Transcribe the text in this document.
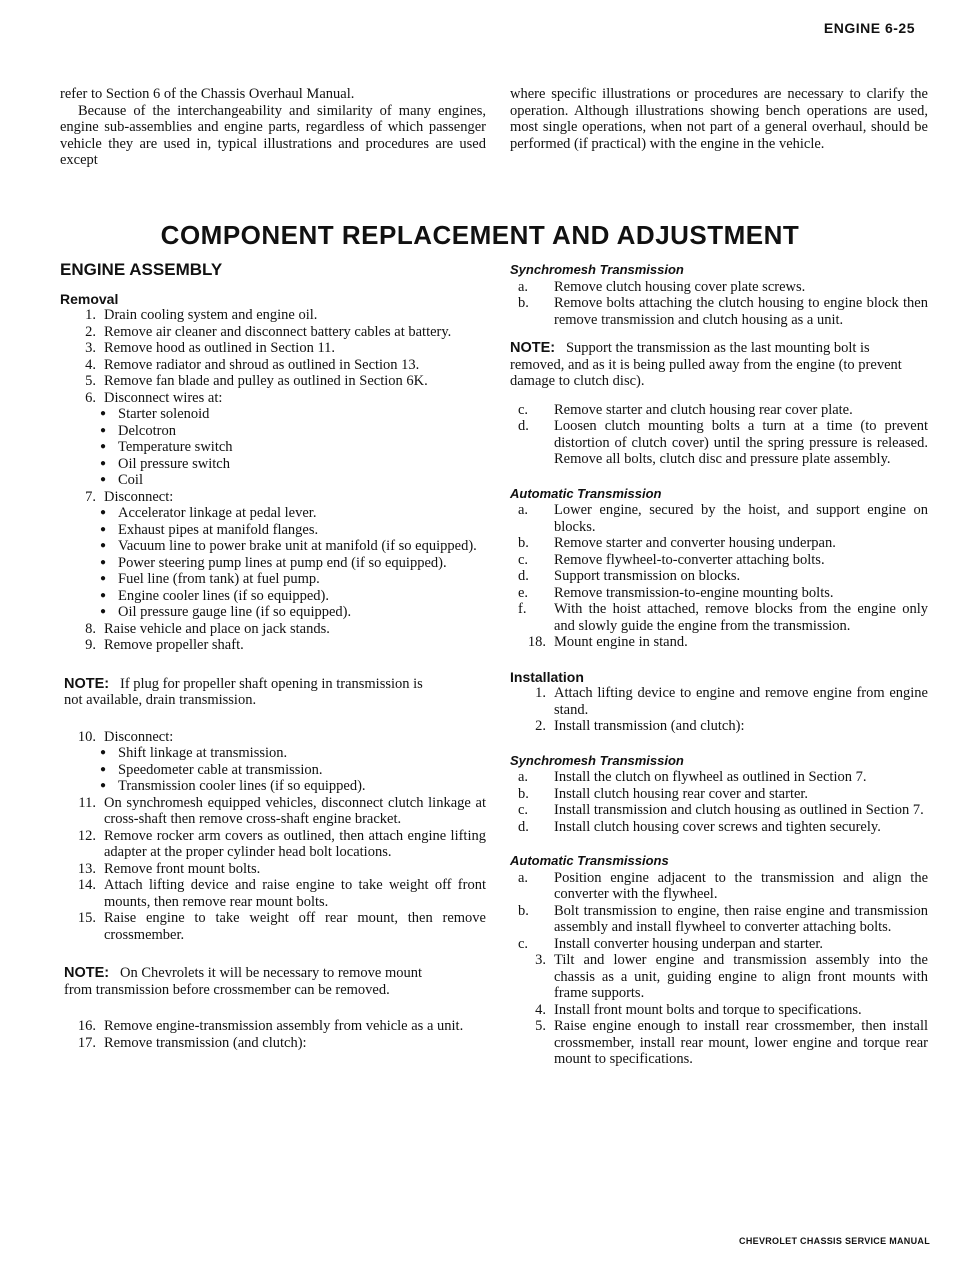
ENGINE 6-25

refer to Section 6 of the Chassis Overhaul Manual.

Because of the interchangeability and similarity of many engines, engine sub-assemblies and engine parts, regardless of which passenger vehicle they are used in, typical illustrations and procedures are used except

where specific illustrations or procedures are necessary to clarify the operation. Although illustrations showing bench operations are used, most single operations, when not part of a general overhaul, should be performed (if practical) with the engine in the vehicle.

COMPONENT REPLACEMENT AND ADJUSTMENT
ENGINE ASSEMBLY
Removal
1. Drain cooling system and engine oil.

2. Remove air cleaner and disconnect battery cables at battery.

3. Remove hood as outlined in Section 11.

4. Remove radiator and shroud as outlined in Section 13.

5. Remove fan blade and pulley as outlined in Section 6K.

6. Disconnect wires at:

● Starter solenoid

● Delcotron

● Temperature switch

● Oil pressure switch

● Coil

7. Disconnect:

● Accelerator linkage at pedal lever.

● Exhaust pipes at manifold flanges.

● Vacuum line to power brake unit at manifold (if so equipped).

● Power steering pump lines at pump end (if so equipped).

● Fuel line (from tank) at fuel pump.

● Engine cooler lines (if so equipped).

● Oil pressure gauge line (if so equipped).

8. Raise vehicle and place on jack stands.

9. Remove propeller shaft.

NOTE: If plug for propeller shaft opening in transmission is not available, drain transmission.
10. Disconnect:

● Shift linkage at transmission.

● Speedometer cable at transmission.

● Transmission cooler lines (if so equipped).

11. On synchromesh equipped vehicles, disconnect clutch linkage at cross-shaft then remove cross-shaft engine bracket.

12. Remove rocker arm covers as outlined, then attach engine lifting adapter at the proper cylinder head bolt locations.

13. Remove front mount bolts.

14. Attach lifting device and raise engine to take weight off front mounts, then remove rear mount bolts.

15. Raise engine to take weight off rear mount, then remove crossmember.

NOTE: On Chevrolets it will be necessary to remove mount from transmission before crossmember can be removed.
16. Remove engine-transmission assembly from vehicle as a unit.

17. Remove transmission (and clutch):

Synchromesh Transmission
a.	Remove clutch housing cover plate screws.

b.	Remove bolts attaching the clutch housing to engine block then remove transmission and clutch housing as a unit.

NOTE: Support the transmission as the last mounting bolt is removed, and as it is being pulled away from the engine (to prevent damage to clutch disc).
c.	Remove starter and clutch housing rear cover plate.

d.	Loosen clutch mounting bolts a turn at a time (to prevent distortion of clutch cover) until the spring pressure is released. Remove all bolts, clutch disc and pressure plate assembly.

Automatic Transmission
a.	Lower engine, secured by the hoist, and support engine on blocks.

b.	Remove starter and converter housing underpan.

c.	Remove flywheel-to-converter attaching bolts.

d.	Support transmission on blocks.

e.	Remove transmission-to-engine mounting bolts.

f.	With the hoist attached, remove blocks from the engine only and slowly guide the engine from the transmission.

18. Mount engine in stand.

Installation
1. Attach lifting device to engine and remove engine from engine stand.

2. Install transmission (and clutch):

Synchromesh Transmission
a.	Install the clutch on flywheel as outlined in Section 7.

b.	Install clutch housing rear cover and starter.

c.	Install transmission and clutch housing as outlined in Section 7.

d.	Install clutch housing cover screws and tighten securely.

Automatic Transmissions
a.	Position engine adjacent to the transmission and align the converter with the flywheel.

b.	Bolt transmission to engine, then raise engine and transmission assembly and install flywheel to converter attaching bolts.

c.	Install converter housing underpan and starter.

3. Tilt and lower engine and transmission assembly into the chassis as a unit, guiding engine to align front mounts with frame supports.

4. Install front mount bolts and torque to specifications.

5. Raise engine enough to install rear crossmember, then install crossmember, install rear mount, lower engine and torque rear mount to specifications.

CHEVROLET CHASSIS SERVICE MANUAL
